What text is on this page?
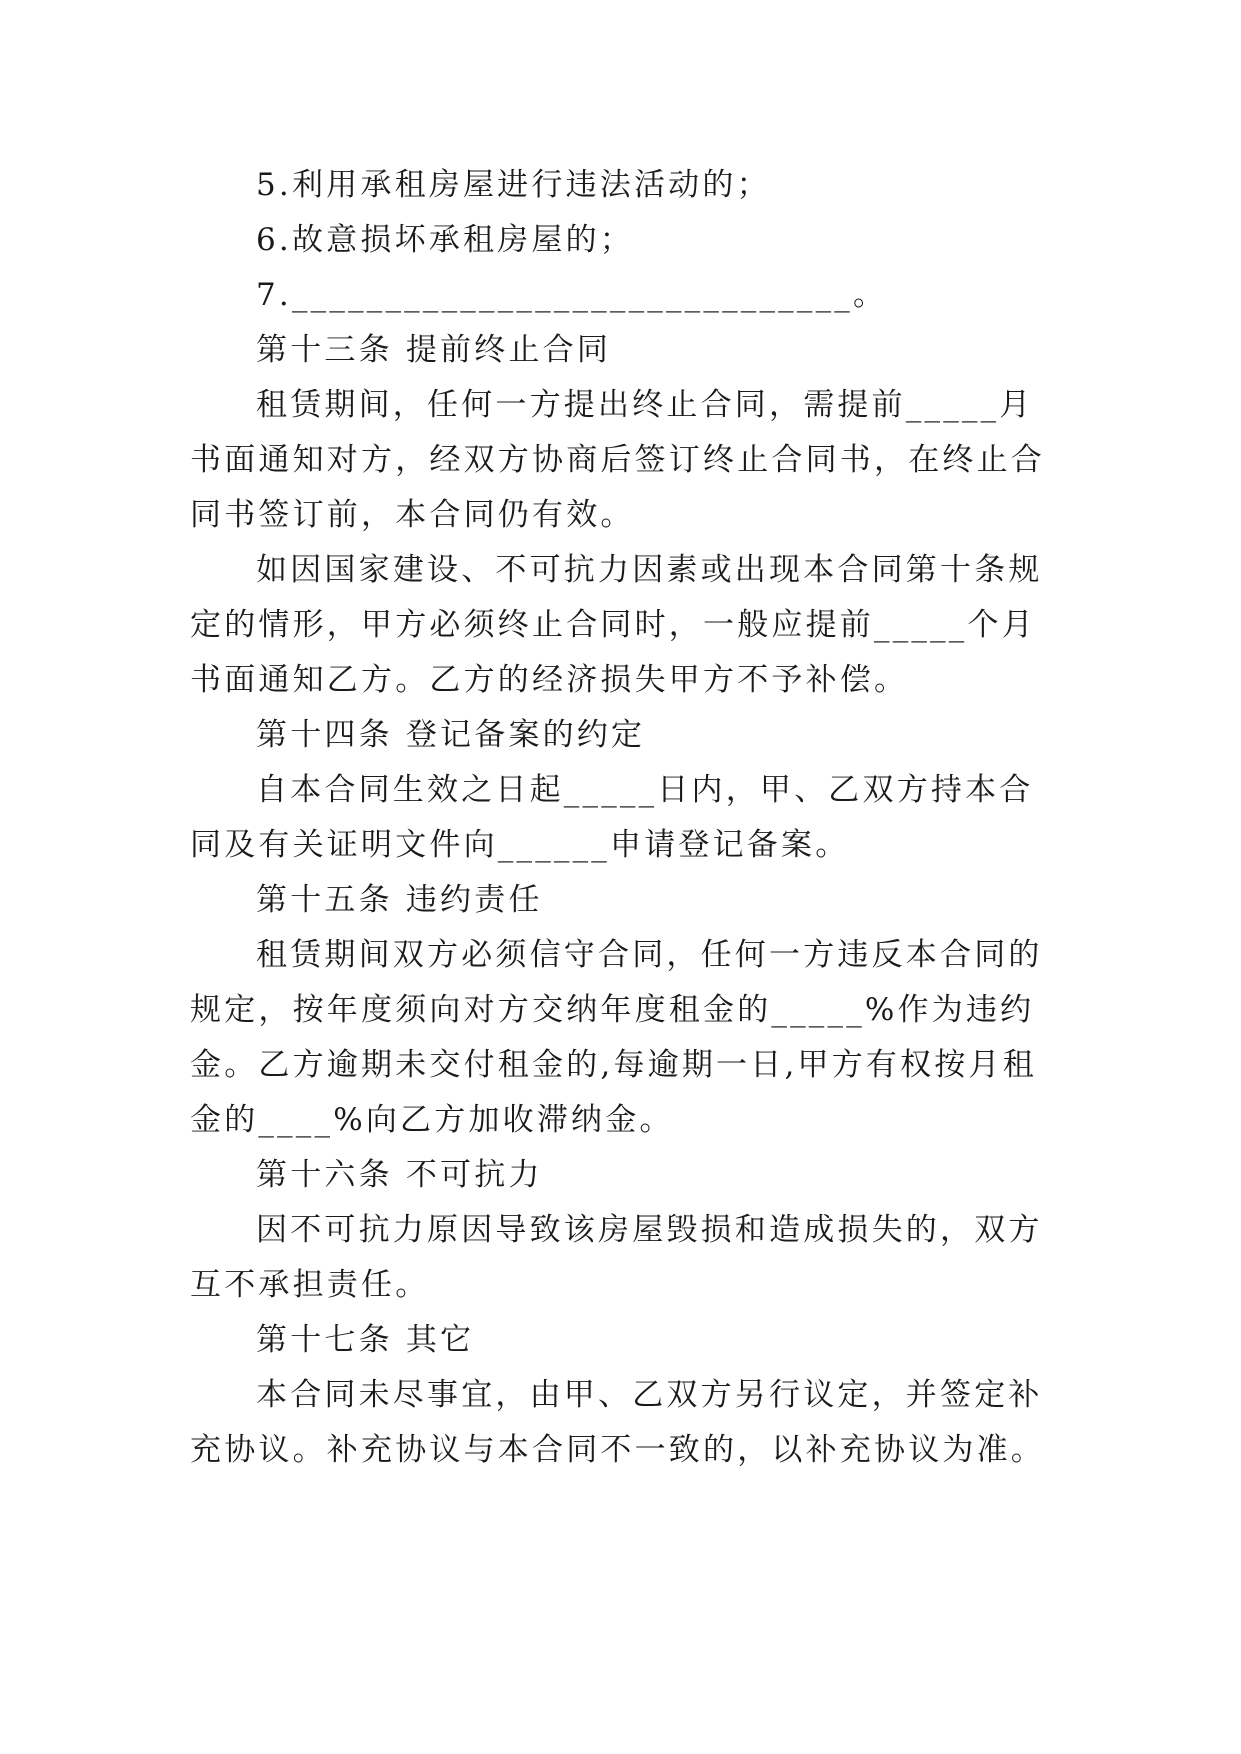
5.利用承租房屋进行违法活动的；

6.故意损坏承租房屋的；

7.______________________________。

第十三条 提前终止合同

租赁期间，任何一方提出终止合同，需提前_____月书面通知对方，经双方协商后签订终止合同书，在终止合同书签订前，本合同仍有效。

如因国家建设、不可抗力因素或出现本合同第十条规定的情形，甲方必须终止合同时，一般应提前_____个月书面通知乙方。乙方的经济损失甲方不予补偿。

第十四条 登记备案的约定

自本合同生效之日起_____日内，甲、乙双方持本合同及有关证明文件向______申请登记备案。

第十五条 违约责任

租赁期间双方必须信守合同，任何一方违反本合同的规定，按年度须向对方交纳年度租金的_____%作为违约金。乙方逾期未交付租金的,每逾期一日,甲方有权按月租金的____%向乙方加收滞纳金。

第十六条 不可抗力

因不可抗力原因导致该房屋毁损和造成损失的，双方互不承担责任。

第十七条 其它

本合同未尽事宜，由甲、乙双方另行议定，并签定补充协议。补充协议与本合同不一致的，以补充协议为准。
